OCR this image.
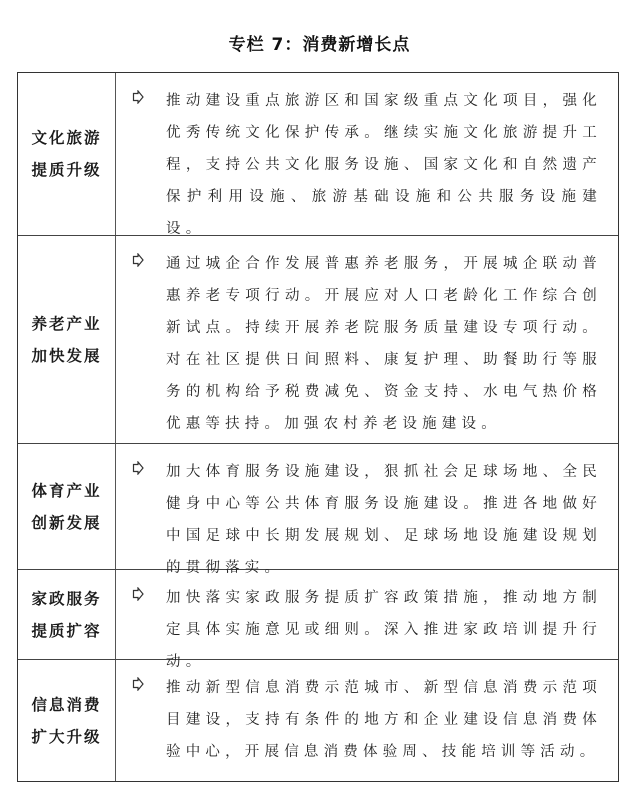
专栏 7：消费新增长点
文化旅游
提质升级
推动建设重点旅游区和国家级重点文化项目，强化优秀传统文化保护传承。继续实施文化旅游提升工程，支持公共文化服务设施、国家文化和自然遗产保护利用设施、旅游基础设施和公共服务设施建设。
养老产业
加快发展
通过城企合作发展普惠养老服务，开展城企联动普惠养老专项行动。开展应对人口老龄化工作综合创新试点。持续开展养老院服务质量建设专项行动。对在社区提供日间照料、康复护理、助餐助行等服务的机构给予税费减免、资金支持、水电气热价格优惠等扶持。加强农村养老设施建设。
体育产业
创新发展
加大体育服务设施建设，狠抓社会足球场地、全民健身中心等公共体育服务设施建设。推进各地做好中国足球中长期发展规划、足球场地设施建设规划的贯彻落实。
家政服务
提质扩容
加快落实家政服务提质扩容政策措施，推动地方制定具体实施意见或细则。深入推进家政培训提升行动。
信息消费
扩大升级
推动新型信息消费示范城市、新型信息消费示范项目建设，支持有条件的地方和企业建设信息消费体验中心，开展信息消费体验周、技能培训等活动。
